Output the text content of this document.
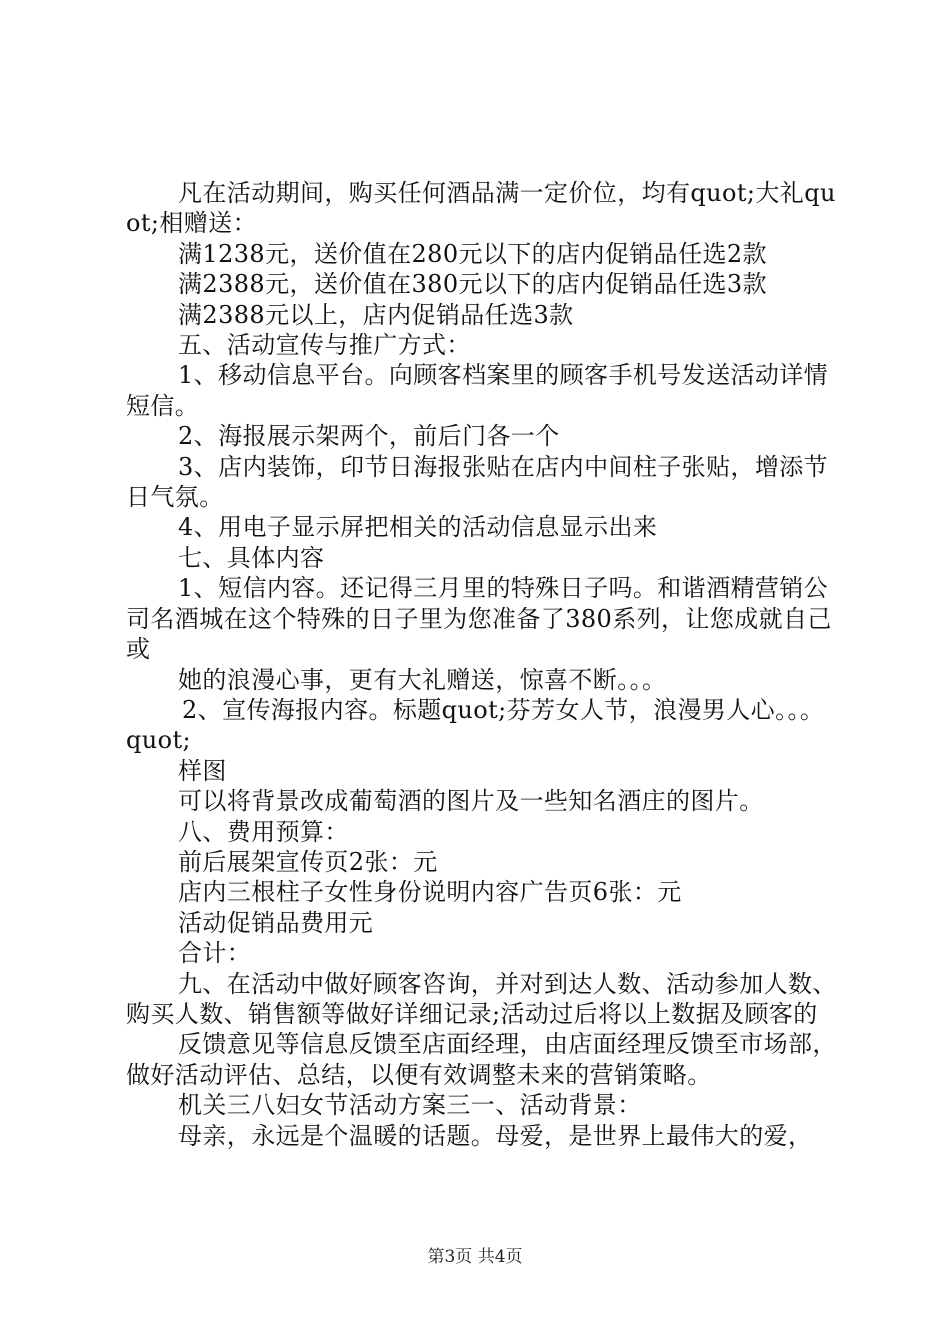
凡在活动期间，购买任何酒品满一定价位，均有quot;大礼quot;相赠送：

满1238元，送价值在280元以下的店内促销品任选2款

满2388元，送价值在380元以下的店内促销品任选3款

满2388元以上，店内促销品任选3款

五、活动宣传与推广方式：

1、移动信息平台。向顾客档案里的顾客手机号发送活动详情短信。

2、海报展示架两个，前后门各一个

3、店内装饰，印节日海报张贴在店内中间柱子张贴，增添节日气氛。

4、用电子显示屏把相关的活动信息显示出来

七、具体内容

1、短信内容。还记得三月里的特殊日子吗。和谐酒精营销公司名酒城在这个特殊的日子里为您准备了380系列，让您成就自己或

她的浪漫心事，更有大礼赠送，惊喜不断。。。

2、宣传海报内容。标题quot;芬芳女人节，浪漫男人心。。。quot;

样图

可以将背景改成葡萄酒的图片及一些知名酒庄的图片。

八、费用预算：

前后展架宣传页2张：元

店内三根柱子女性身份说明内容广告页6张：元

活动促销品费用元

合计：

九、在活动中做好顾客咨询，并对到达人数、活动参加人数、购买人数、销售额等做好详细记录;活动过后将以上数据及顾客的

反馈意见等信息反馈至店面经理，由店面经理反馈至市场部，做好活动评估、总结，以便有效调整未来的营销策略。

机关三八妇女节活动方案三一、活动背景：

母亲，永远是个温暖的话题。母爱，是世界上最伟大的爱，

第3页 共4页
